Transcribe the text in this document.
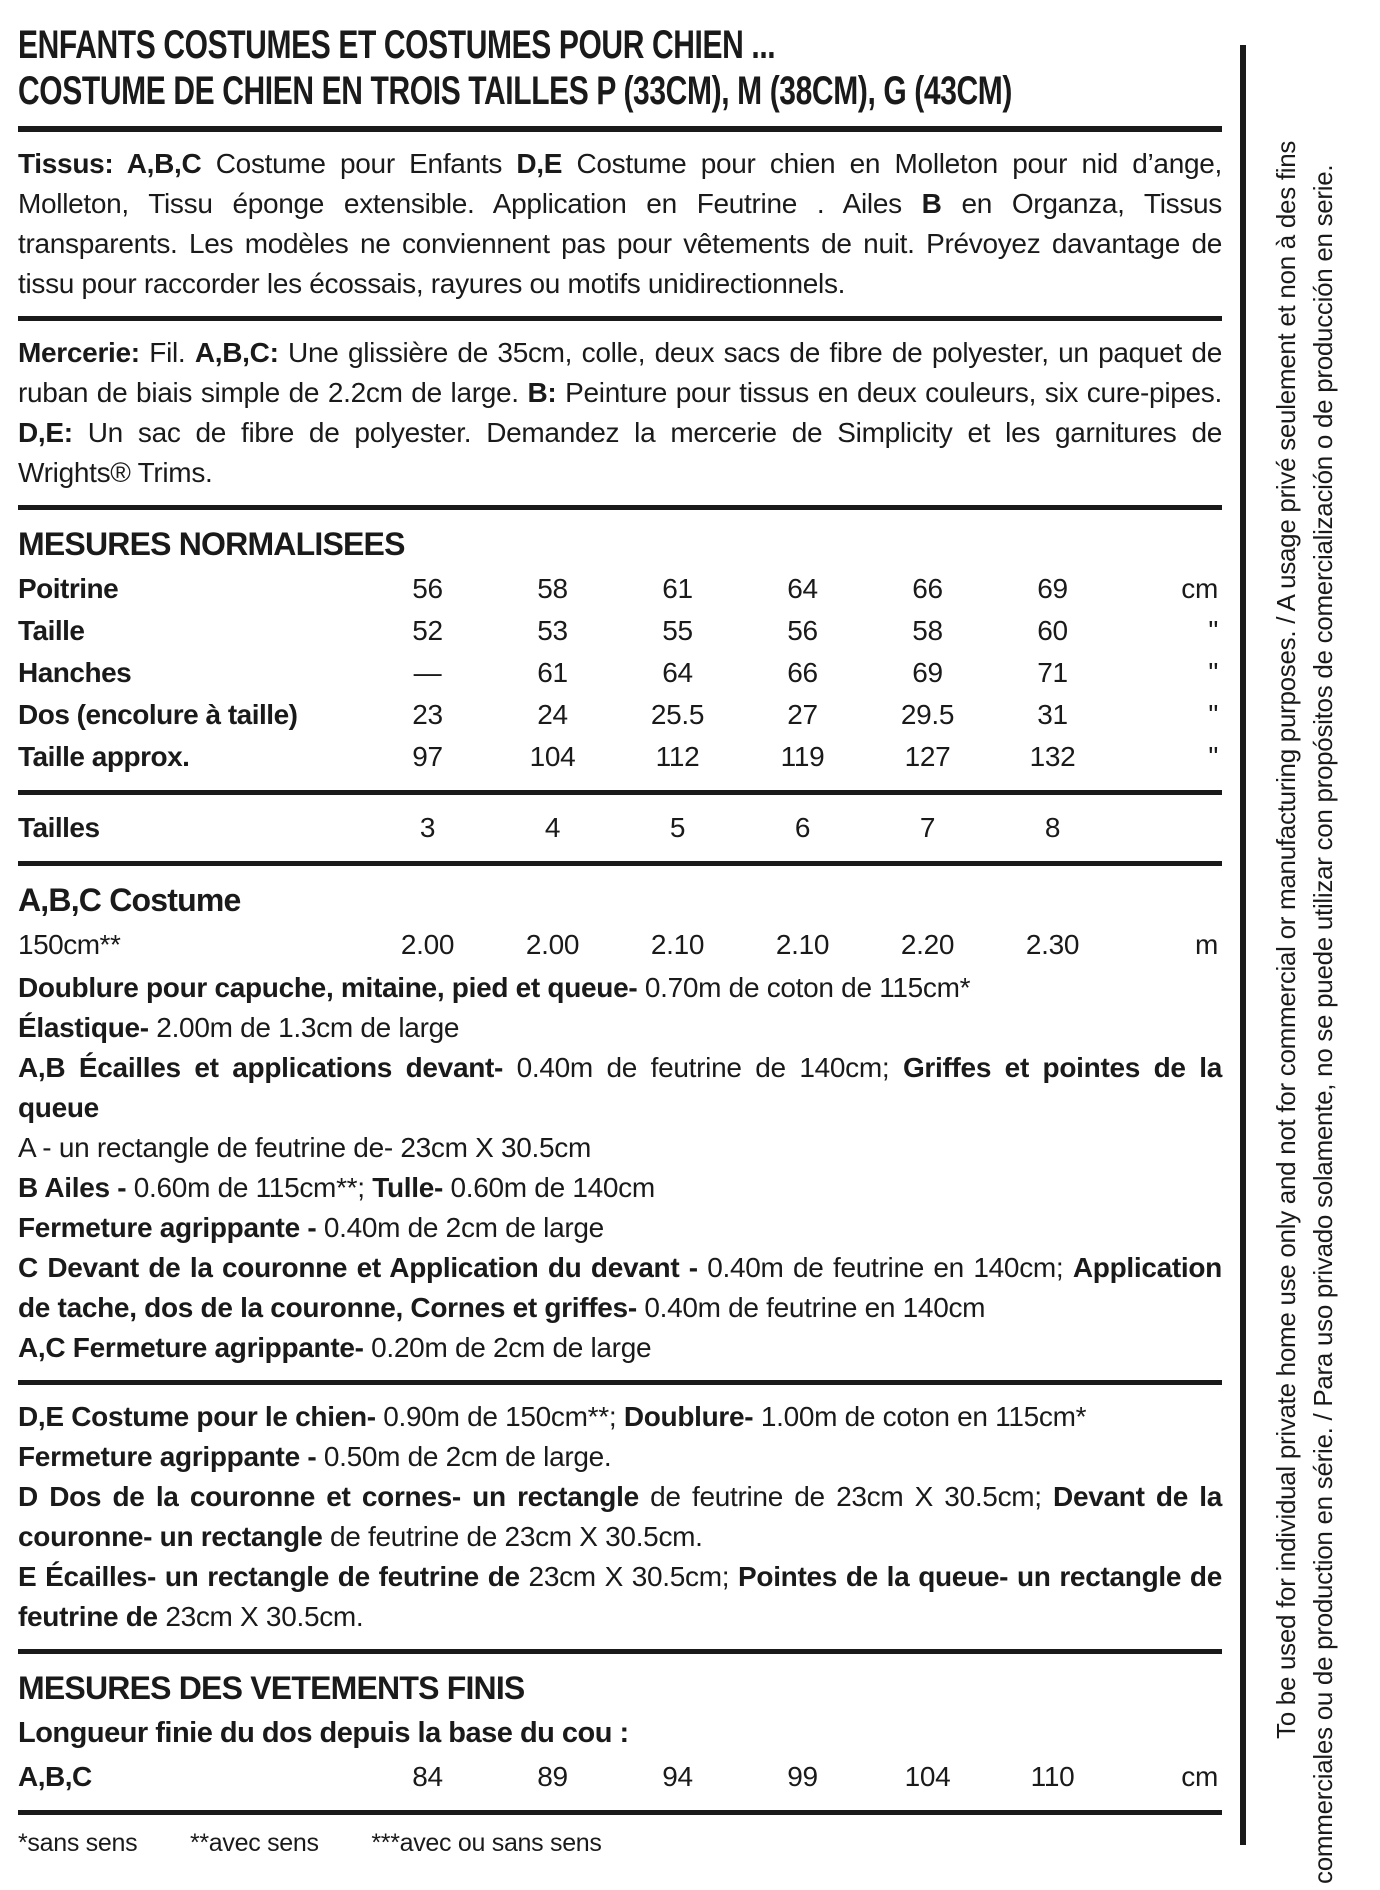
ENFANTS COSTUMES ET COSTUMES POUR CHIEN ...
COSTUME DE CHIEN EN TROIS TAILLES P (33CM), M (38CM), G (43CM)

Tissus: A,B,C Costume pour Enfants D,E Costume pour chien en Molleton pour nid d’ange, Molleton, Tissu éponge extensible. Application en Feutrine . Ailes B en Organza, Tissus transparents. Les modèles ne conviennent pas pour vêtements de nuit. Prévoyez davantage de tissu pour raccorder les écossais, rayures ou motifs unidirectionnels.

Mercerie: Fil. A,B,C: Une glissière de 35cm, colle, deux sacs de fibre de polyester, un paquet de ruban de biais simple de 2.2cm de large. B: Peinture pour tissus en deux couleurs, six cure-pipes. D,E: Un sac de fibre de polyester. Demandez la mercerie de Simplicity et les garnitures de Wrights® Trims.

MESURES NORMALISEES
Poitrine	56	58	61	64	66	69	cm
Taille	52	53	55	56	58	60	"
Hanches	—	61	64	66	69	71	"
Dos (encolure à taille)	23	24	25.5	27	29.5	31	"
Taille approx.	97	104	112	119	127	132	"
Tailles	3	4	5	6	7	8
A,B,C Costume
150cm**	2.00	2.00	2.10	2.10	2.20	2.30	m

Doublure pour capuche, mitaine, pied et queue- 0.70m de coton de 115cm*

Élastique- 2.00m de 1.3cm de large

A,B Écailles et applications devant- 0.40m de feutrine de 140cm; Griffes et pointes de la queue

A - un rectangle de feutrine de- 23cm X 30.5cm

B Ailes - 0.60m de 115cm**; Tulle- 0.60m de 140cm

Fermeture agrippante - 0.40m de 2cm de large

C Devant de la couronne et Application du devant - 0.40m de feutrine en 140cm; Application de tache, dos de la couronne, Cornes et griffes- 0.40m de feutrine en 140cm

A,C Fermeture agrippante- 0.20m de 2cm de large

D,E Costume pour le chien- 0.90m de 150cm**; Doublure- 1.00m de coton en 115cm*

Fermeture agrippante - 0.50m de 2cm de large.

D Dos de la couronne et cornes- un rectangle de feutrine de 23cm X 30.5cm; Devant de la couronne- un rectangle de feutrine de 23cm X 30.5cm.

E Écailles- un rectangle de feutrine de 23cm X 30.5cm; Pointes de la queue- un rectangle de feutrine de 23cm X 30.5cm.

MESURES DES VETEMENTS FINIS
Longueur finie du dos depuis la base du cou :
A,B,C	84	89	94	99	104	110	cm
*sans sens **avec sens ***avec ou sans sens
To be used for individual private home use only and not for commercial or manufacturing purposes. / A usage privé seulement et non à des fins commerciales ou de production en série. / Para uso privado solamente, no se puede utilizar con propósitos de comercialización o de producción en serie.
